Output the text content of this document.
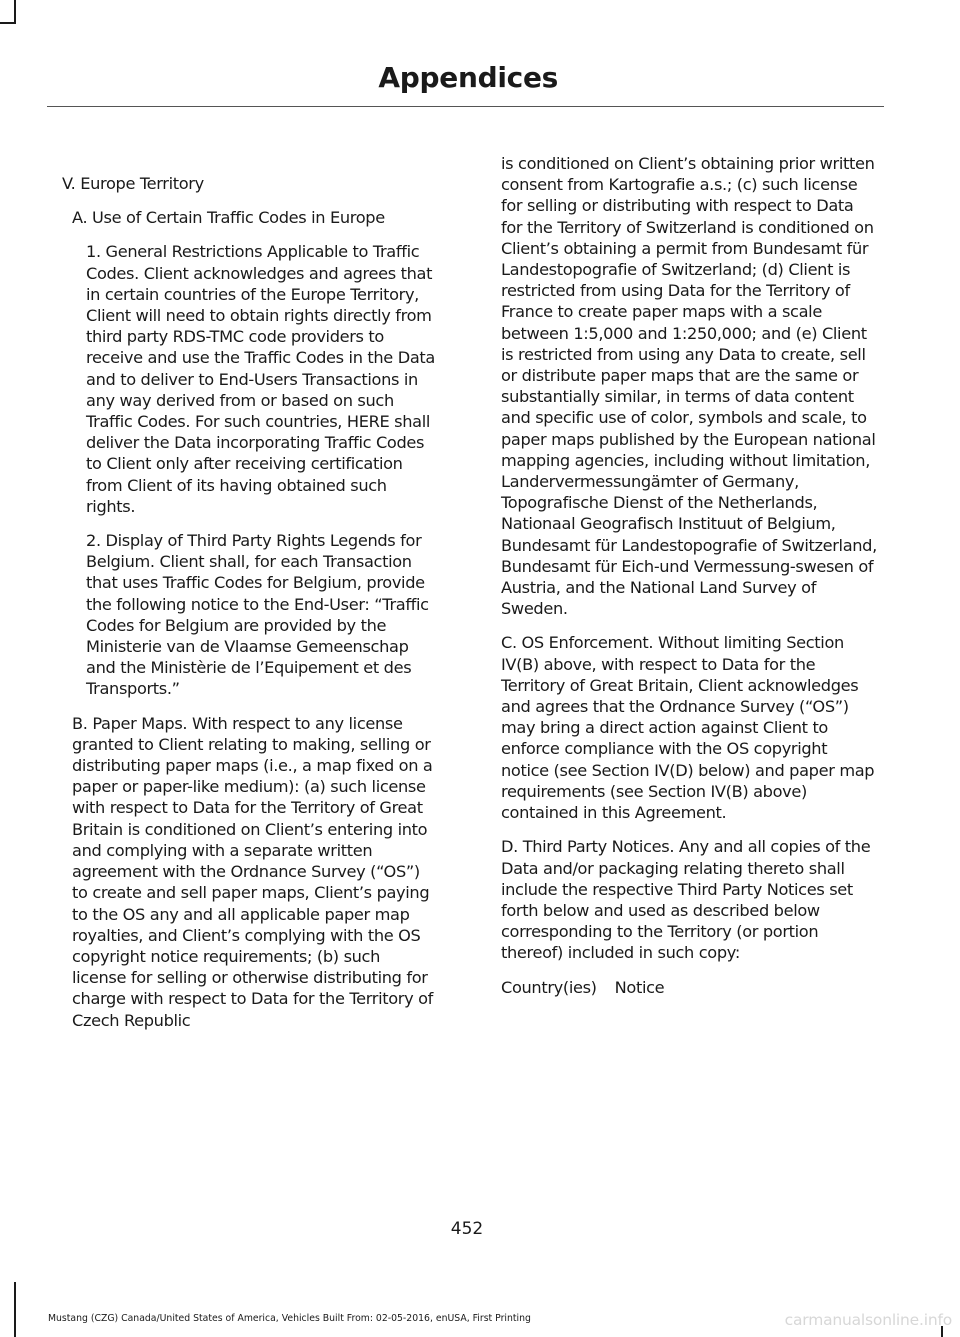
Appendices

V. Europe Territory

A. Use of Certain Traffic Codes in Europe

1. General Restrictions Applicable to Traffic Codes. Client acknowledges and agrees that in certain countries of the Europe Territory, Client will need to obtain rights directly from third party RDS-TMC code providers to receive and use the Traffic Codes in the Data and to deliver to End-Users Transactions in any way derived from or based on such Traffic Codes. For such countries, HERE shall deliver the Data incorporating Traffic Codes to Client only after receiving certification from Client of its having obtained such rights.

2. Display of Third Party Rights Legends for Belgium. Client shall, for each Transaction that uses Traffic Codes for Belgium, provide the following notice to the End-User: “Traffic Codes for Belgium are provided by the Ministerie van de Vlaamse Gemeenschap and the Ministèrie de l’Equipement et des Transports.”

B. Paper Maps. With respect to any license granted to Client relating to making, selling or distributing paper maps (i.e., a map fixed on a paper or paper-like medium): (a) such license with respect to Data for the Territory of Great Britain is conditioned on Client’s entering into and complying with a separate written agreement with the Ordnance Survey (“OS”) to create and sell paper maps, Client’s paying to the OS any and all applicable paper map royalties, and Client’s complying with the OS copyright notice requirements; (b) such license for selling or otherwise distributing for charge with respect to Data for the Territory of Czech Republic

is conditioned on Client’s obtaining prior written consent from Kartografie a.s.; (c) such license for selling or distributing with respect to Data for the Territory of Switzerland is conditioned on Client’s obtaining a permit from Bundesamt für Landestopografie of Switzerland; (d) Client is restricted from using Data for the Territory of France to create paper maps with a scale between 1:5,000 and 1:250,000; and (e) Client is restricted from using any Data to create, sell or distribute paper maps that are the same or substantially similar, in terms of data content and specific use of color, symbols and scale, to paper maps published by the European national mapping agencies, including without limitation, Landervermessungämter of Germany, Topografische Dienst of the Netherlands, Nationaal Geografisch Instituut of Belgium, Bundesamt für Landestopografie of Switzerland, Bundesamt für Eich-und Vermessung-swesen of Austria, and the National Land Survey of Sweden.

C. OS Enforcement. Without limiting Section IV(B) above, with respect to Data for the Territory of Great Britain, Client acknowledges and agrees that the Ordnance Survey (“OS”) may bring a direct action against Client to enforce compliance with the OS copyright notice (see Section IV(D) below) and paper map requirements (see Section IV(B) above) contained in this Agreement.

D. Third Party Notices. Any and all copies of the Data and/or packaging relating thereto shall include the respective Third Party Notices set forth below and used as described below corresponding to the Territory (or portion thereof) included in such copy:

Country(ies) Notice

452
Mustang (CZG) Canada/United States of America, Vehicles Built From: 02-05-2016, enUSA, First Printing	carmanualsonline.info
